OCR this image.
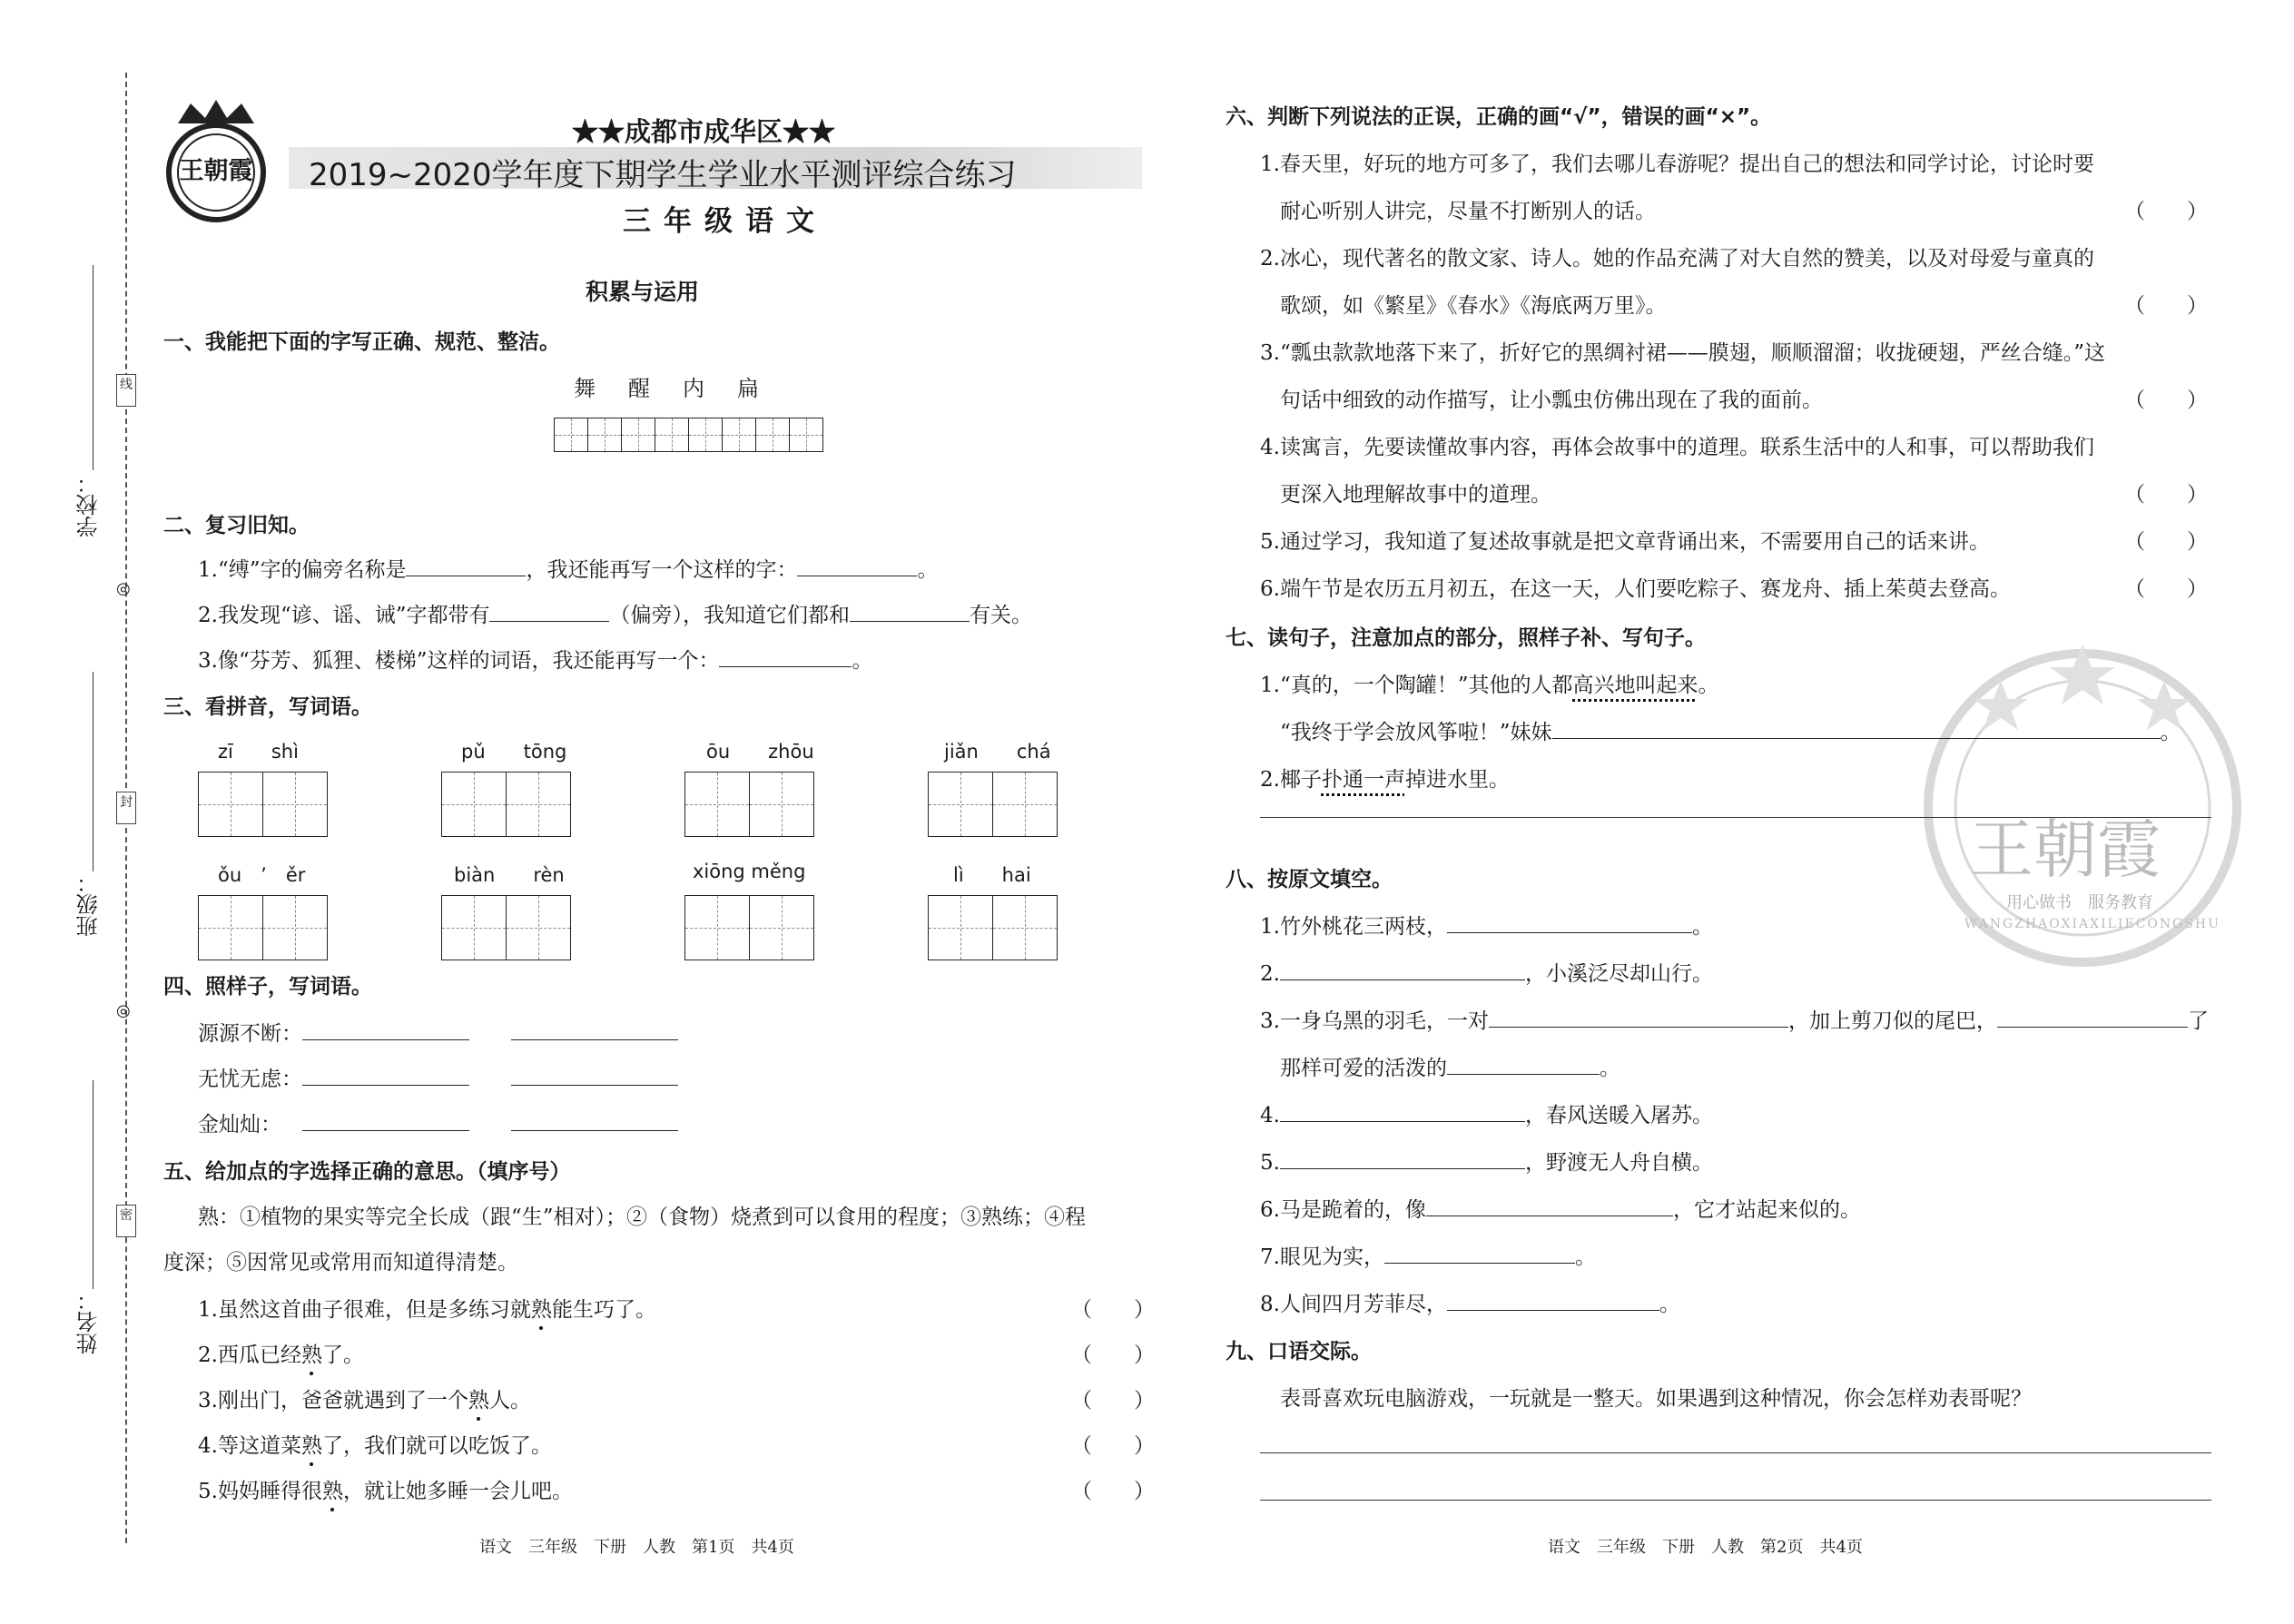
线
封
密
◎
◎
学校：
班级：
姓名：
王朝霞
★★成都市成华区★★
2019~2020学年度下期学生学业水平测评综合练习
三年级语文
积累与运用
一、我能把下面的字写正确、规范、整洁。
舞　醒　内　扁
二、复习旧知。
1.“缚”字的偏旁名称是	，我还能再写一个这样的字：	。
2.我发现“谚、谣、诫”字都带有	（偏旁），我知道它们都和	有关。
3.像“芬芳、狐狸、楼梯”这样的词语，我还能再写一个：	。
三、看拼音，写词语。
zī　　shì	pǔ　　tōng	ōu　　zhōu	jiǎn　　chá
ǒu　’　ěr	biàn　　rèn	xiōng měng	lì　　hai
四、照样子，写词语。
源源不断：
无忧无虑：
金灿灿：
五、给加点的字选择正确的意思。（填序号）
熟：①植物的果实等完全长成（跟“生”相对）；②（食物）烧煮到可以食用的程度；③熟练；④程
度深；⑤因常见或常用而知道得清楚。
1.虽然这首曲子很难，但是多练习就熟能生巧了。	（　　）
2.西瓜已经熟了。	（　　）
3.刚出门，爸爸就遇到了一个熟人。	（　　）
4.等这道菜熟了，我们就可以吃饭了。	（　　）
5.妈妈睡得很熟，就让她多睡一会儿吧。	（　　）
语文　三年级　下册　人教　第1页　共4页
王朝霞
用心做书　服务教育
WANGZHAOXIAXILIECONGSHU
六、判断下列说法的正误，正确的画“√”，错误的画“×”。
1.春天里，好玩的地方可多了，我们去哪儿春游呢？提出自己的想法和同学讨论，讨论时要
耐心听别人讲完，尽量不打断别人的话。	（　　）
2.冰心，现代著名的散文家、诗人。她的作品充满了对大自然的赞美，以及对母爱与童真的
歌颂，如《繁星》《春水》《海底两万里》。	（　　）
3.“瓢虫款款地落下来了，折好它的黑绸衬裙——膜翅，顺顺溜溜；收拢硬翅，严丝合缝。”这
句话中细致的动作描写，让小瓢虫仿佛出现在了我的面前。	（　　）
4.读寓言，先要读懂故事内容，再体会故事中的道理。联系生活中的人和事，可以帮助我们
更深入地理解故事中的道理。	（　　）
5.通过学习，我知道了复述故事就是把文章背诵出来，不需要用自己的话来讲。	（　　）
6.端午节是农历五月初五，在这一天，人们要吃粽子、赛龙舟、插上茱萸去登高。	（　　）
七、读句子，注意加点的部分，照样子补、写句子。
1.“真的，一个陶罐！”其他的人都高兴地叫起来。
“我终于学会放风筝啦！”妹妹	。
2.椰子扑通一声掉进水里。
八、按原文填空。
1.竹外桃花三两枝，	。
2.	，小溪泛尽却山行。
3.一身乌黑的羽毛，一对	，加上剪刀似的尾巴，	了
那样可爱的活泼的	。
4.	，春风送暖入屠苏。
5.	，野渡无人舟自横。
6.马是跪着的，像	，它才站起来似的。
7.眼见为实，	。
8.人间四月芳菲尽，	。
九、口语交际。
表哥喜欢玩电脑游戏，一玩就是一整天。如果遇到这种情况，你会怎样劝表哥呢？
语文　三年级　下册　人教　第2页　共4页
